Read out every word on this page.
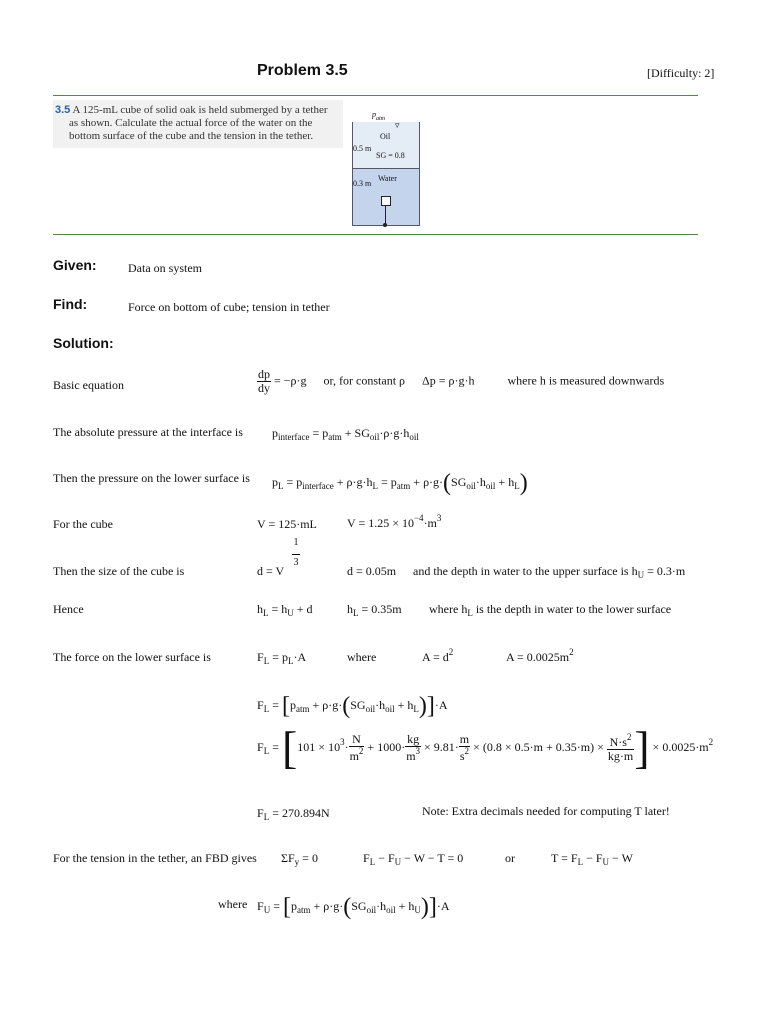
Problem 3.5	[Difficulty: 2]
3.5 A 125-mL cube of solid oak is held submerged by a tether
as shown. Calculate the actual force of the water on the
bottom surface of the cube and the tension in the tether.
$p_{atm}$
▿
Oil
0.5 m
SG = 0.8
Water
0.3 m
Given:	Data on system
Find:	Force on bottom of cube; tension in tether
Solution:
Basic equation	$\frac{dp}{dy} = -\rho\cdot g$ or, for constant ρ Δp = ρ·g·h	where h is measured downwards
The absolute pressure at the interface is $p_{interface} = p_{atm} + SG_{oil}\cdot\rho\cdot g\cdot h_{oil}$
Then the pressure on the lower surface is $p_L = p_{interface} + \rho\cdot g\cdot h_L = p_{atm} + \rho\cdot g\cdot(SG_{oil}\cdot h_{oil} + h_L)$
For the cube	V = 125·mL	$V = 1.25 \times 10^{-4}\cdot m^3$
Then the size of the cube is
1

3
d = V	d = 0.05m and the depth in water to the upper surface is $h_U = 0.3\cdot m$
Hence	$h_L = h_U + d$	$h_L = 0.35m$ where $h_L$ is the depth in water to the lower surface
The force on the lower surface is	$F_L = p_L\cdot A$	where	$A = d^2$	$A = 0.0025m^2$
$F_L = [p_{atm} + \rho\cdot g\cdot(SG_{oil}\cdot h_{oil} + h_L)]\cdot A$
$F_L = [101 \times 10^3\cdot \frac{N}{m^2} + 1000\cdot \frac{kg}{m^3} \times 9.81\cdot \frac{m}{s^2} \times (0.8 \times 0.5\cdot m + 0.35\cdot m) \times \frac{N\cdot s^2}{kg\cdot m}$ ] × $0.0025\cdot m^2$
$F_L = 270.894N$	Note: Extra decimals needed for computing T later!
For the tension in the tether, an FBD gives $\Sigma F_y = 0$	$F_L - F_U - W - T = 0$	or	$T = F_L - F_U - W$
where $F_U = [p_{atm} + \rho\cdot g\cdot(SG_{oil}\cdot h_{oil} + h_U)]\cdot A$
